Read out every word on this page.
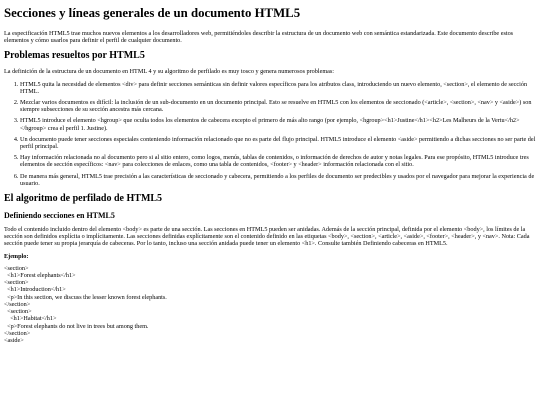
Secciones y líneas generales de un documento HTML5

La especificación HTML5 trae muchos nuevos elementos a los desarrolladores web, permitiéndoles describir la estructura de un documento web con semántica estandarizada. Este documento describe estos elementos y cómo usarlos para definir el perfil de cualquier documento.

Problemas resueltos por HTML5

La definición de la estructura de un documento en HTML 4 y su algoritmo de perfilado es muy tosco y genera numerosos problemas:

1. HTML5 quita la necesidad de elementos <div> para definir secciones semánticas sin definir valores específicos para los atributos class, introduciendo un nuevo elemento, <section>, el elemento de sección HTML.
2. Mezclar varios documentos es difícil: la inclusión de un sub-documento en un documento principal. Esto se resuelve en HTML5 con los elementos de seccionado (<article>, <section>, <nav> y <aside>) son siempre subsecciones de su sección ancestra más cercana.
3. HTML5 introduce el elemento <hgroup> que oculta todos los elementos de cabecera excepto el primero de más alto rango (por ejemplo, <hgroup><h1>Justine</h1><h2>Les Malheurs de la Vertu</h2></hgroup> crea el perfil 1. Justine).
4. Un documento puede tener secciones especiales conteniendo información relacionado que no es parte del flujo principal. HTML5 introduce el elemento <aside> permitiendo a dichas secciones no ser parte del perfil principal.
5. Hay información relacionada no al documento pero si al sitio entero, como logos, menús, tablas de contenidos, o información de derechos de autor y notas legales. Para ese propósito, HTML5 introduce tres elementos de sección específicos: <nav> para colecciones de enlaces, como una tabla de contenidos, <footer> y <header> información relacionada con el sitio.
6. De manera más general, HTML5 trae precisión a las características de seccionado y cabecera, permitiendo a los perfiles de documento ser predecibles y usados por el navegador para mejorar la experiencia de usuario.
El algoritmo de perfilado de HTML5
Definiendo secciones en HTML5

Todo el contenido incluido dentro del elemento <body> es parte de una sección. Las secciones en HTML5 pueden ser anidadas. Además de la sección principal, definida por el elemento <body>, los límites de la sección son definidos explícita o implícitamente. Las secciones definidas explícitamente son el contenido definido en las etiquetas <body>, <section>, <article>, <aside>, <footer>, <header>, y <nav>. Nota: Cada sección puede tener su propia jerarquía de cabeceras. Por lo tanto, incluso una sección anidada puede tener un elemento <h1>. Consulte también Definiendo cabeceras en HTML5.

Ejemplo:
<section>
<h1>Forest elephants</h1>
<section>
<h1>Introduction</h1>
<p>In this section, we discuss the lesser known forest elephants.
</section>
<section>
<h1>Habitat</h1>
<p>Forest elephants do not live in trees but among them.
</section>
<aside>
